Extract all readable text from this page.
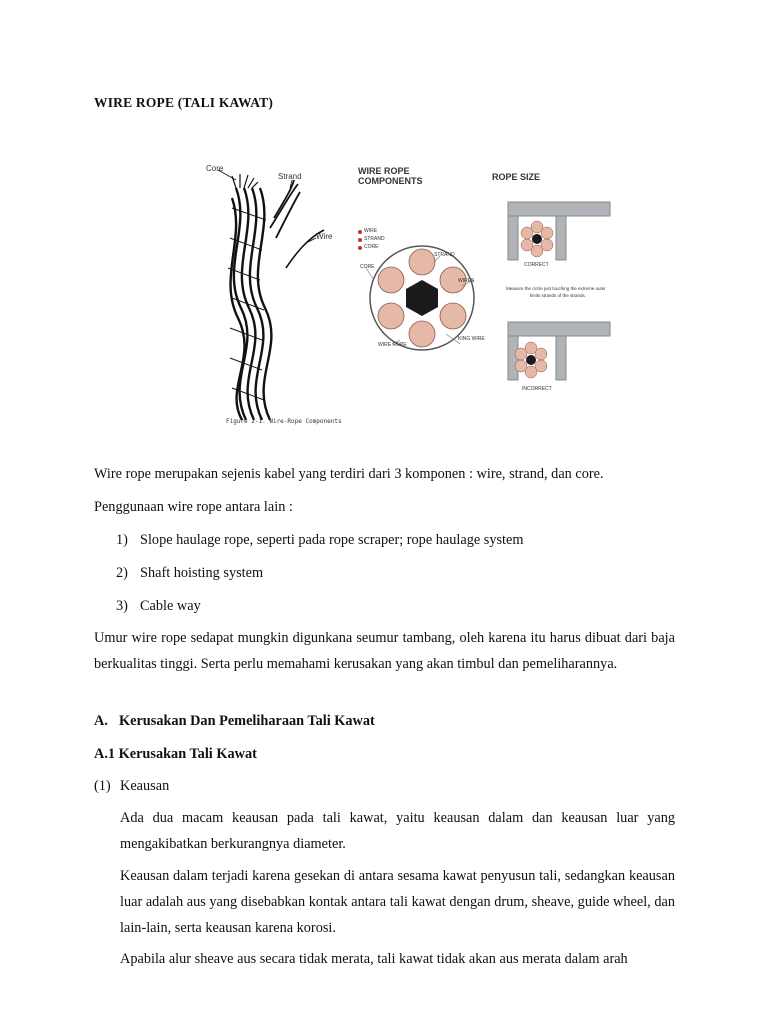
WIRE ROPE (TALI KAWAT)
Core
Strand
Wire
Figure 2-1. Wire-Rope Components
WIRE ROPE
COMPONENTS
WIRE
STRAND
CORE
CORE
STRAND
WIRES
WIRE ROPE
KING WIRE
ROPE SIZE
CORRECT
Measure the circle just touching the extreme outer
limits strands of the strands.
INCORRECT
Wire rope merupakan sejenis kabel yang terdiri dari 3 komponen : wire, strand, dan core.
Penggunaan wire rope antara lain :
1) Slope haulage rope, seperti pada rope scraper; rope haulage system
2) Shaft hoisting system
3) Cable way
Umur wire rope sedapat mungkin digunkana seumur tambang, oleh karena itu harus dibuat dari baja berkualitas tinggi. Serta perlu memahami kerusakan yang akan timbul dan pemeliharannya.
A. Kerusakan Dan Pemeliharaan Tali Kawat
A.1 Kerusakan Tali Kawat
(1) Keausan
Ada dua macam keausan pada tali kawat, yaitu keausan dalam dan keausan luar yang mengakibatkan berkurangnya diameter.
Keausan dalam terjadi karena gesekan di antara sesama kawat penyusun tali, sedangkan keausan luar adalah aus yang disebabkan kontak antara tali kawat dengan drum, sheave, guide wheel, dan lain-lain, serta keausan karena korosi.
Apabila alur sheave aus secara tidak merata, tali kawat tidak akan aus merata dalam arah
